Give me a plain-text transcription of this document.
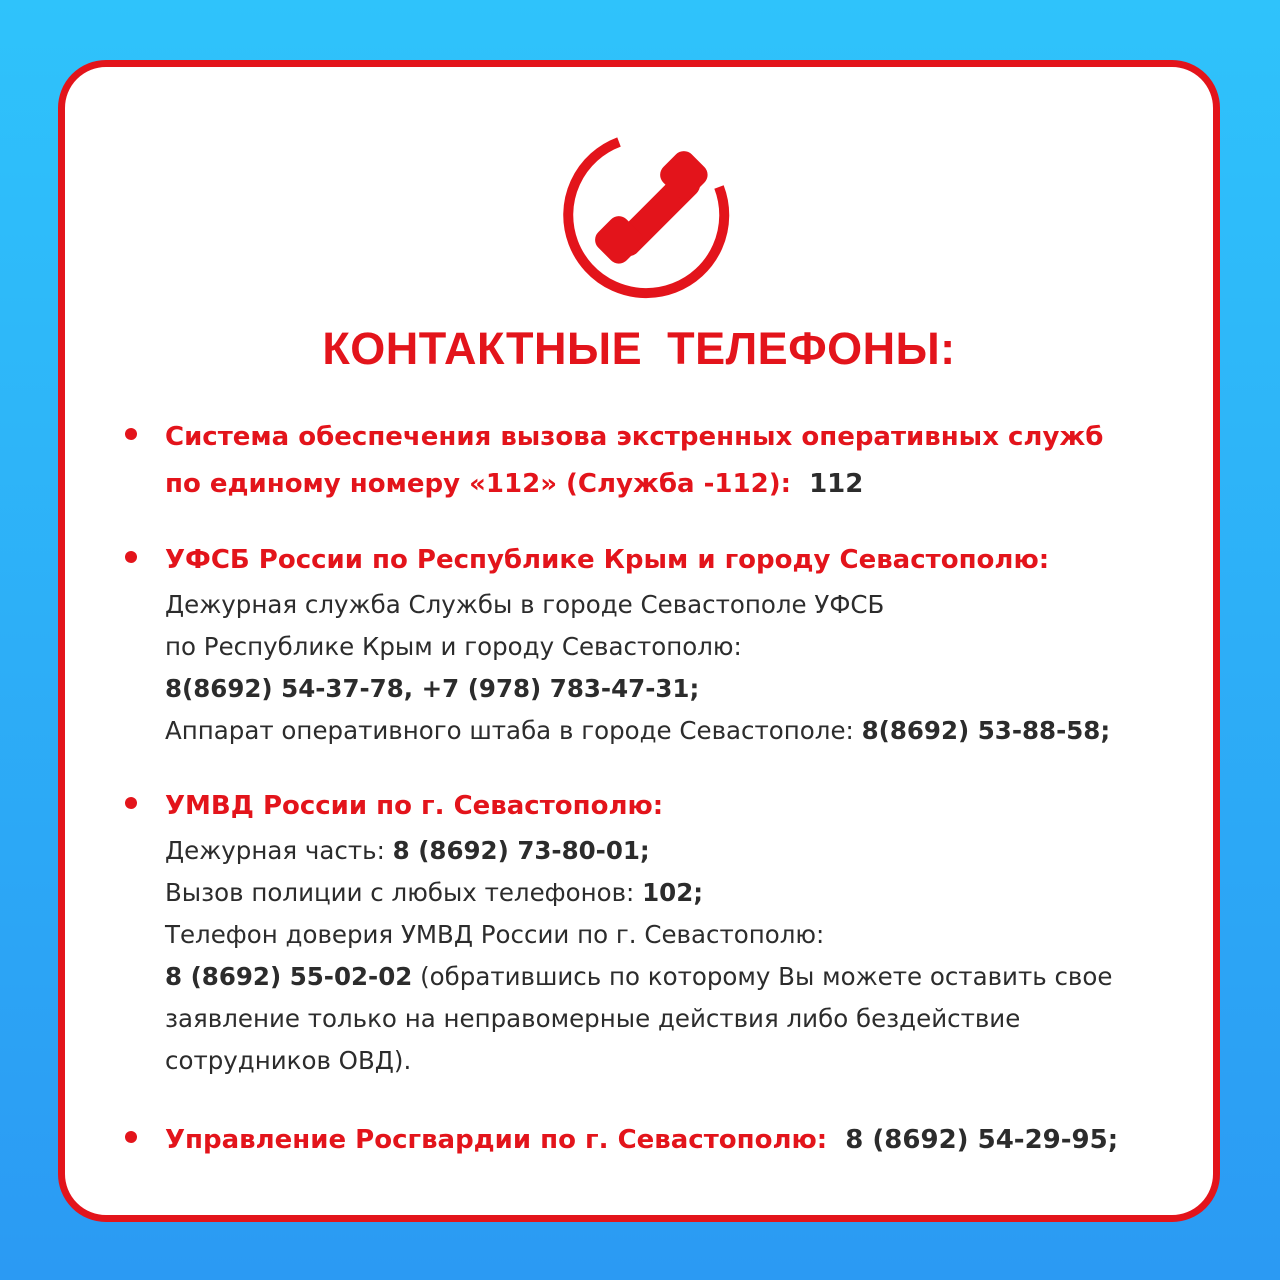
КОНТАКТНЫЕ ТЕЛЕФОНЫ:
Система обеспечения вызова экстренных оперативных служб
по единому номеру «112» (Служба -112): 112
УФСБ России по Республике Крым и городу Севастополю:
Дежурная служба Службы в городе Севастополе УФСБ
по Республике Крым и городу Севастополю:
8(8692) 54-37-78, +7 (978) 783-47-31;
Аппарат оперативного штаба в городе Севастополе: 8(8692) 53-88-58;
УМВД России по г. Севастополю:
Дежурная часть: 8 (8692) 73-80-01;
Вызов полиции с любых телефонов: 102;
Телефон доверия УМВД России по г. Севастополю:
8 (8692) 55-02-02 (обратившись по которому Вы можете оставить свое
заявление только на неправомерные действия либо бездействие
сотрудников ОВД).
Управление Росгвардии по г. Севастополю: 8 (8692) 54-29-95;
